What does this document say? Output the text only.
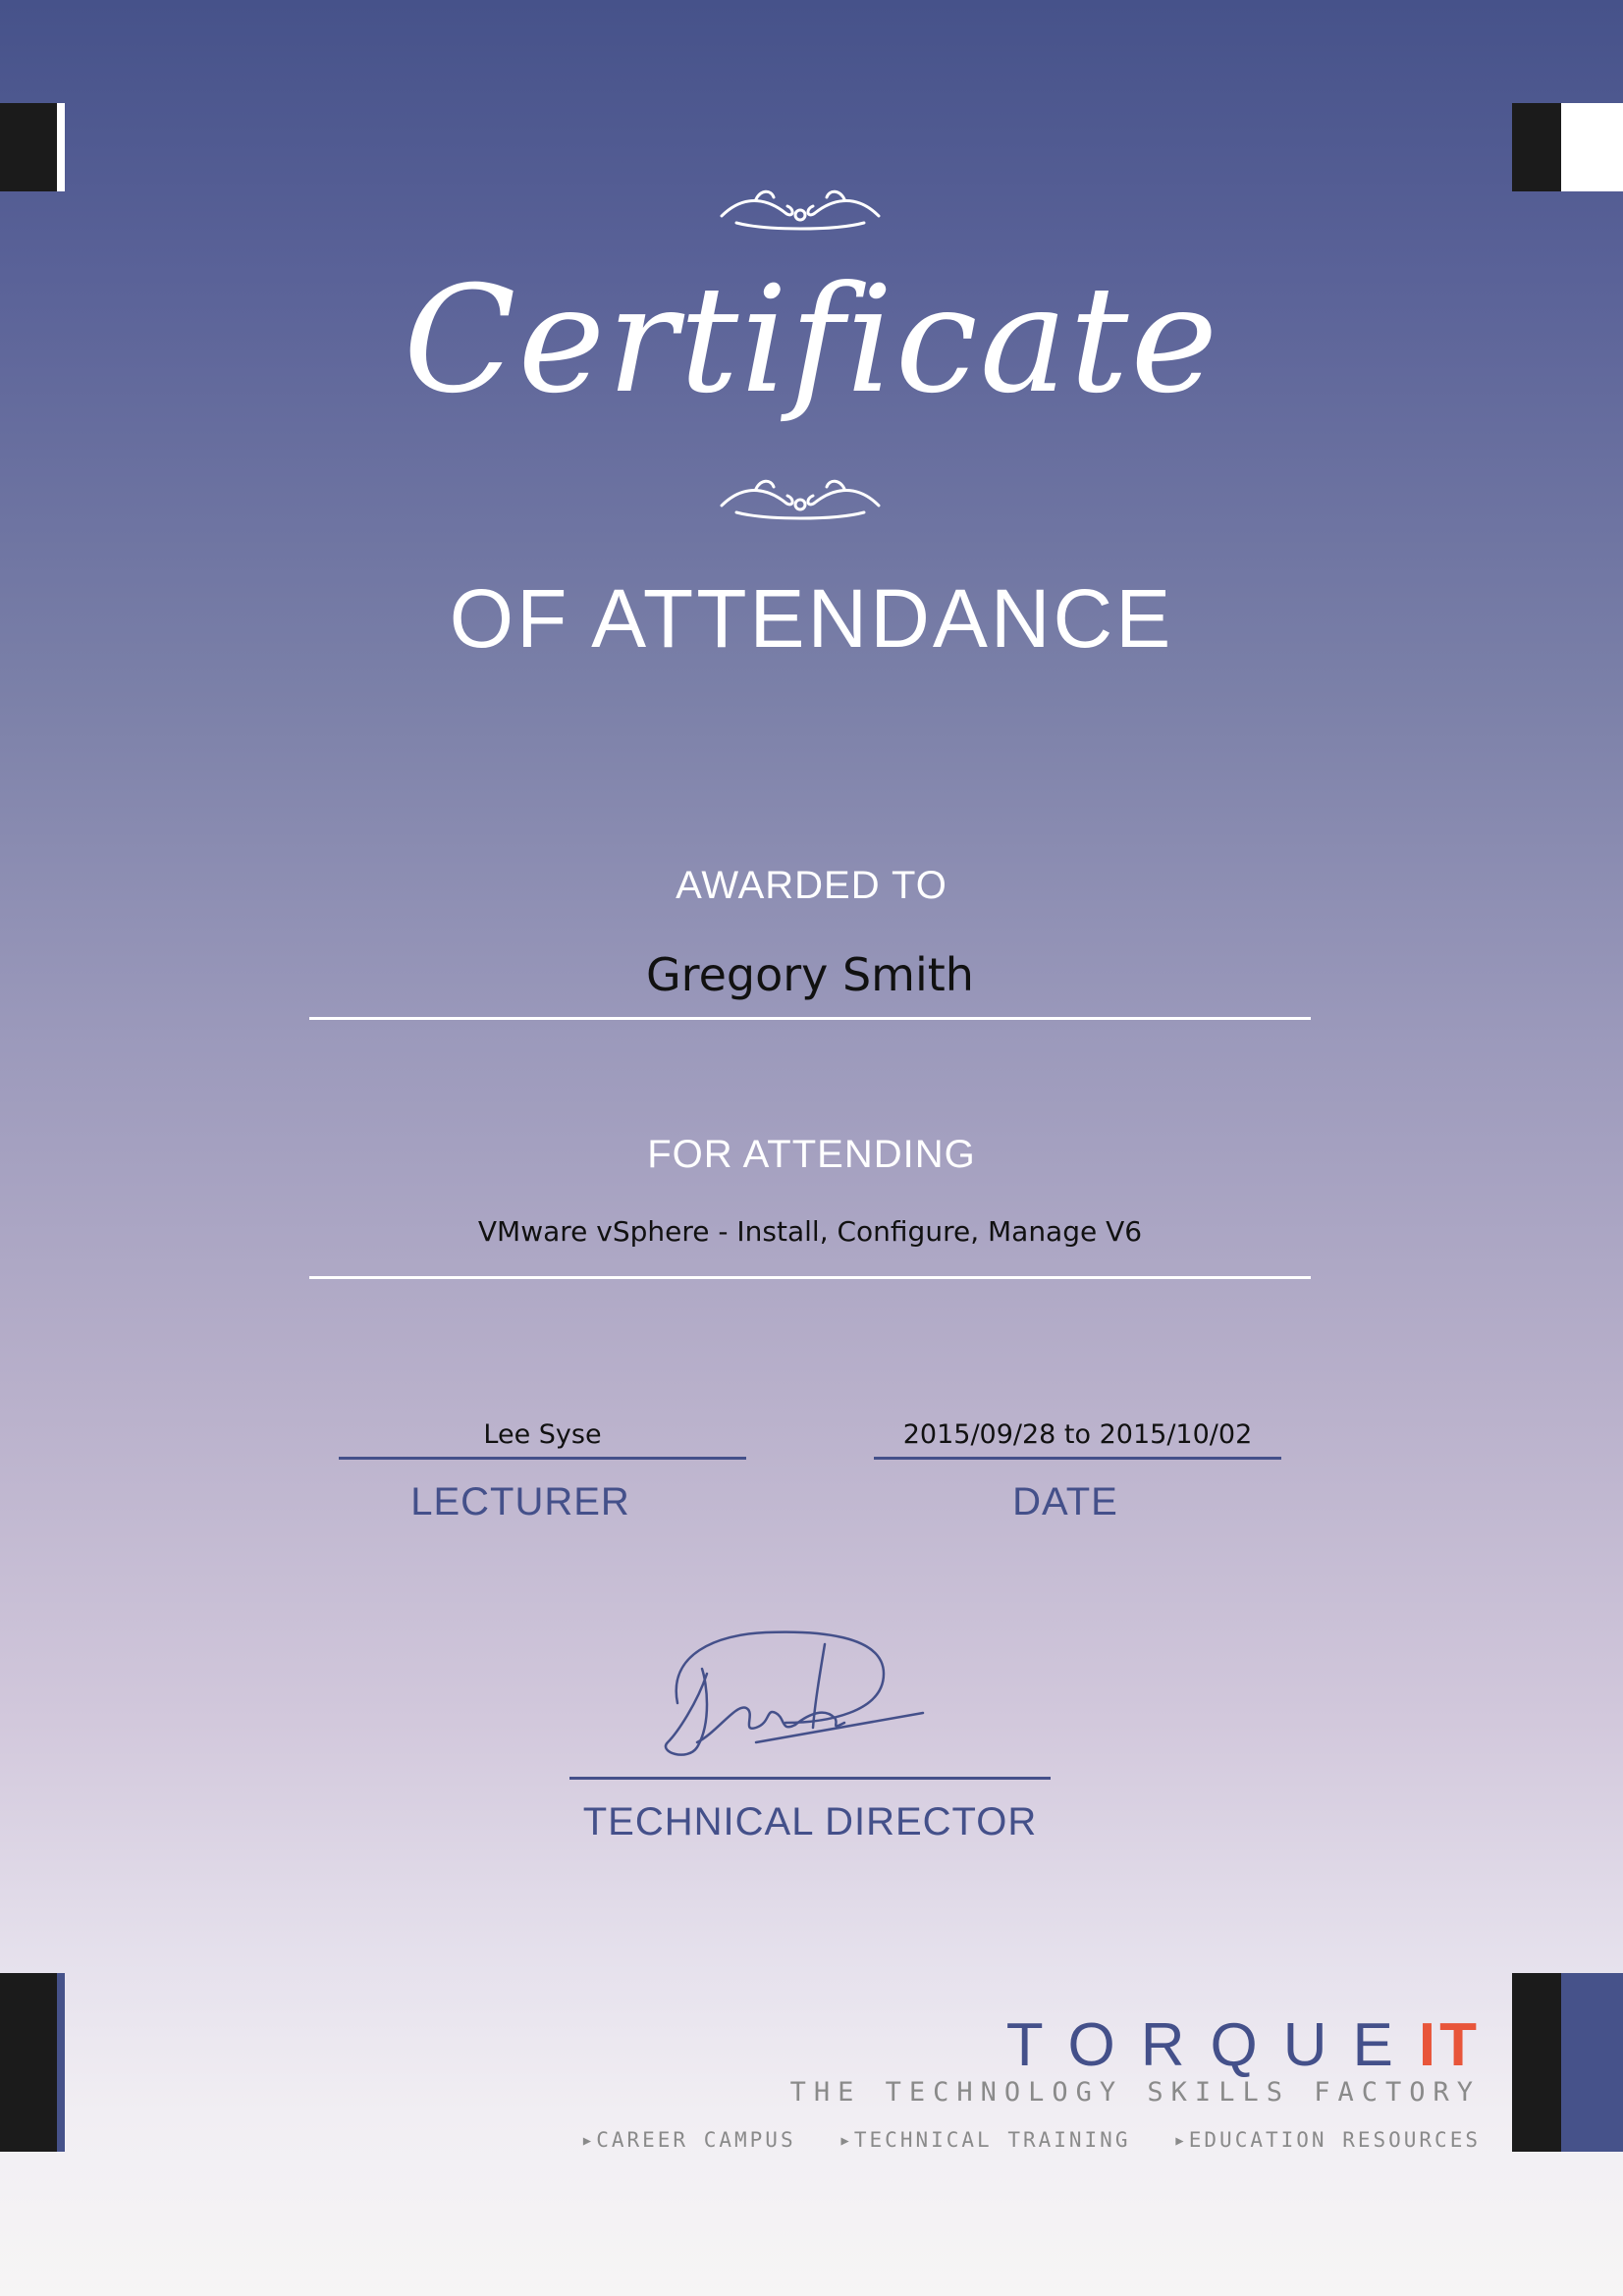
Certificate
OF ATTENDANCE
AWARDED TO
Gregory Smith
FOR ATTENDING
VMware vSphere - Install, Configure, Manage V6
Lee Syse
LECTURER
2015/09/28 to 2015/10/02
DATE
TECHNICAL DIRECTOR
TORQUEIT
THE TECHNOLOGY SKILLS FACTORY
▸CAREER CAMPUS ▸TECHNICAL TRAINING ▸EDUCATION RESOURCES
